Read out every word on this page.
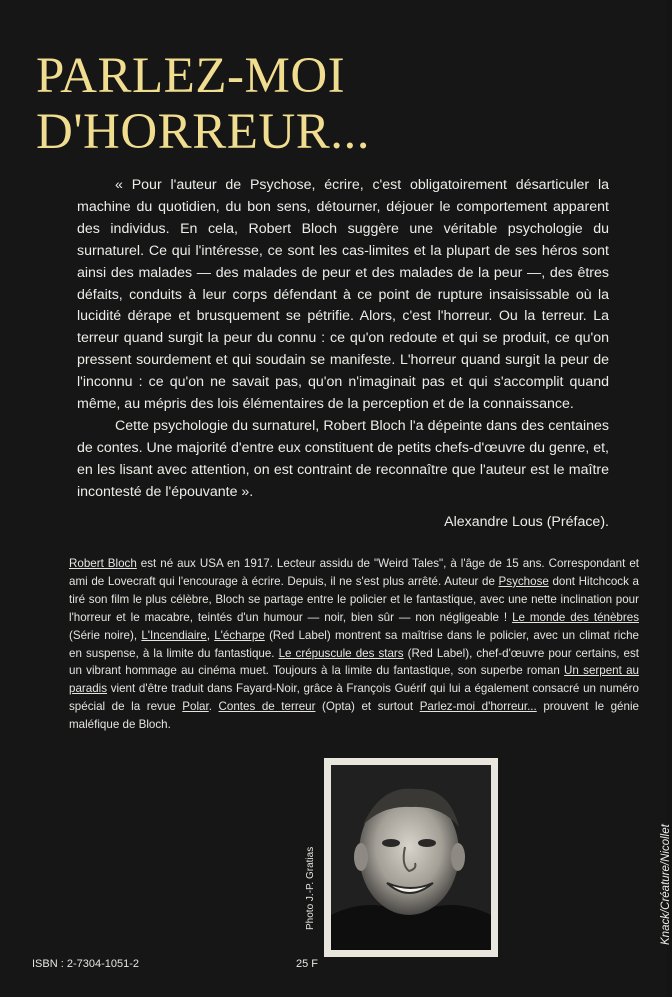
PARLEZ-MOI
D'HORREUR...

« Pour l'auteur de Psychose, écrire, c'est obligatoirement désarticuler la machine du quotidien, du bon sens, détourner, déjouer le comportement apparent des individus. En cela, Robert Bloch suggère une véritable psychologie du surnaturel. Ce qui l'intéresse, ce sont les cas-limites et la plupart de ses héros sont ainsi des malades — des malades de peur et des malades de la peur —, des êtres défaits, conduits à leur corps défendant à ce point de rupture insaisissable où la lucidité dérape et brusquement se pétrifie. Alors, c'est l'horreur. Ou la terreur. La terreur quand surgit la peur du connu : ce qu'on redoute et qui se produit, ce qu'on pressent sourdement et qui soudain se manifeste. L'horreur quand surgit la peur de l'inconnu : ce qu'on ne savait pas, qu'on n'imaginait pas et qui s'accomplit quand même, au mépris des lois élémentaires de la perception et de la connaissance.

Cette psychologie du surnaturel, Robert Bloch l'a dépeinte dans des centaines de contes. Une majorité d'entre eux constituent de petits chefs-d'œuvre du genre, et, en les lisant avec attention, on est contraint de reconnaître que l'auteur est le maître incontesté de l'épouvante ».

Alexandre Lous (Préface).

Robert Bloch est né aux USA en 1917. Lecteur assidu de "Weird Tales", à l'âge de 15 ans. Correspondant et ami de Lovecraft qui l'encourage à écrire. Depuis, il ne s'est plus arrêté. Auteur de Psychose dont Hitchcock a tiré son film le plus célèbre, Bloch se partage entre le policier et le fantastique, avec une nette inclination pour l'horreur et le macabre, teintés d'un humour — noir, bien sûr — non négligeable ! Le monde des ténèbres (Série noire), L'Incendiaire, L'écharpe (Red Label) montrent sa maîtrise dans le policier, avec un climat riche en suspense, à la limite du fantastique. Le crépuscule des stars (Red Label), chef-d'œuvre pour certains, est un vibrant hommage au cinéma muet. Toujours à la limite du fantastique, son superbe roman Un serpent au paradis vient d'être traduit dans Fayard-Noir, grâce à François Guérif qui lui a également consacré un numéro spécial de la revue Polar. Contes de terreur (Opta) et surtout Parlez-moi d'horreur... prouvent le génie maléfique de Bloch.
Photo J.-P. Gratias	Knack/Créature/Nicollet
ISBN : 2-7304-1051-2	25 F
